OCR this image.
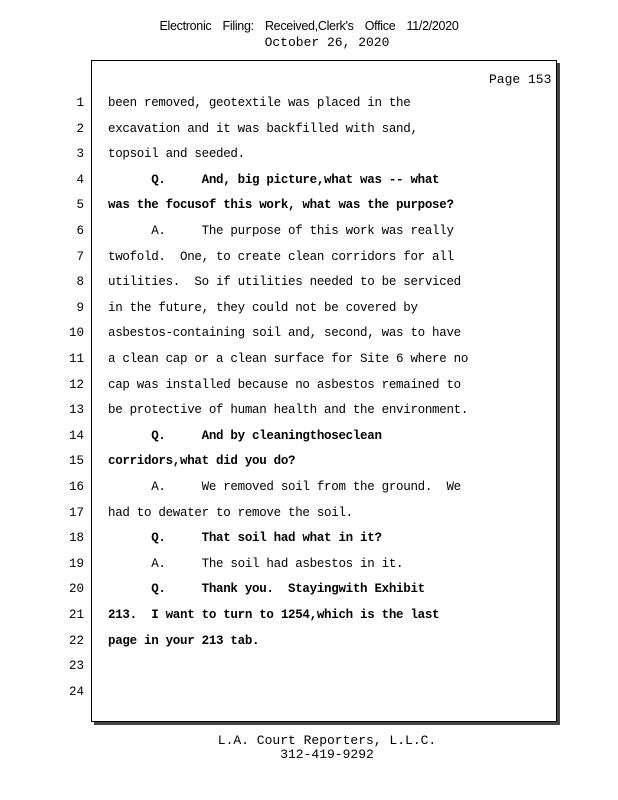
Electronic Filing: Received,Clerk's Office 11/2/2020
October 26, 2020
Page 153
1 been removed, geotextile was placed in the
2 excavation and it was backfilled with sand,
3 topsoil and seeded.
4 Q.     And, big picture,what was -- what
5 was the focusof this work, what was the purpose?
6 A.     The purpose of this work was really
7 twofold.  One, to create clean corridors for all
8 utilities.  So if utilities needed to be serviced
9 in the future, they could not be covered by
10 asbestos-containing soil and, second, was to have
11 a clean cap or a clean surface for Site 6 where no
12 cap was installed because no asbestos remained to
13 be protective of human health and the environment.
14 Q.     And by cleaningthoseclean
15 corridors,what did you do?
16 A.     We removed soil from the ground.  We
17 had to dewater to remove the soil.
18 Q.     That soil had what in it?
19 A.     The soil had asbestos in it.
20 Q.     Thank you.  Stayingwith Exhibit
21 213.  I want to turn to 1254,which is the last
22 page in your 213 tab.
23
24
L.A. Court Reporters, L.L.C.
312-419-9292
